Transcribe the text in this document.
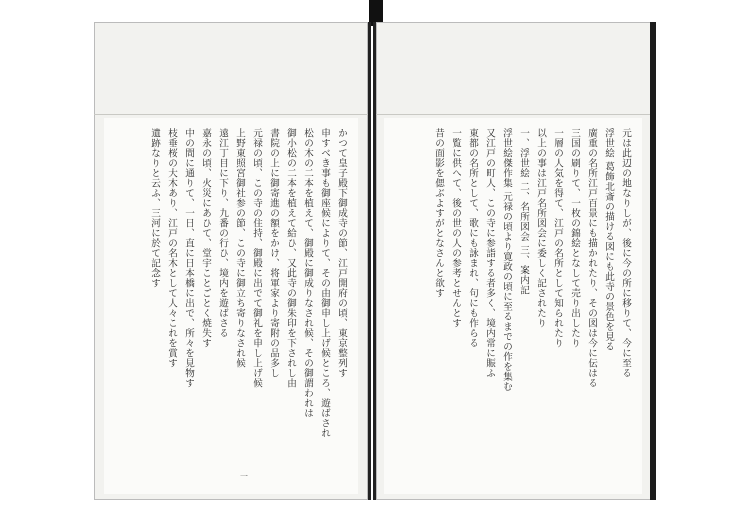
かつて皇子殿下御成寺の節、江戸開府の頃、東京整列す

申すべき事も御座候によりて、その由御申し上げ候ところ、遊ばされ

松の木の二本を植えて、御殿に御成りなされ候、その御謂われは

御小松の二本を植えて給ひ、又此寺の御朱印を下されし由

書院の上に御寄進の額をかけ、将軍家より寄附の品多し

元禄の頃、この寺の住持、御殿に出でて御礼を申し上げ候

上野東照宮御社参の節、この寺に御立ち寄りなされ候

遠江丁目に下り、九番の行ひ、境内を遊ばさる

嘉永の頃、火災にあひて、堂宇ことごとく焼失す

中の間に通りて、一日、直に日本橋に出で、所々を見物す

枝垂桜の大木あり、江戸の名木として人々これを賞す

遺跡なりと云ふ、三河に於て記念す

一

元は此辺の地なりしが、後に今の所に移りて、今に至る

浮世絵 葛飾北斎の描ける図にも此寺の景色を見る

廣重の名所江戸百景にも描かれたり、その図は今に伝はる

三国の刷りて、一枚の錦絵となして売り出したり

一層の人気を得て、江戸の名所として知られたり

以上の事は江戸名所図会に委しく記されたり

一、浮世絵 二、名所図会 三、案内記

浮世絵傑作集 元禄の頃より寛政の頃に至るまでの作を集む

又江戸の町人、この寺に参詣する者多く、境内常に賑ふ

東都の名所として、歌にも詠まれ、句にも作らる

一覧に供へて、後の世の人の参考とせんとす

昔の面影を偲ぶよすがとなさんと欲す
